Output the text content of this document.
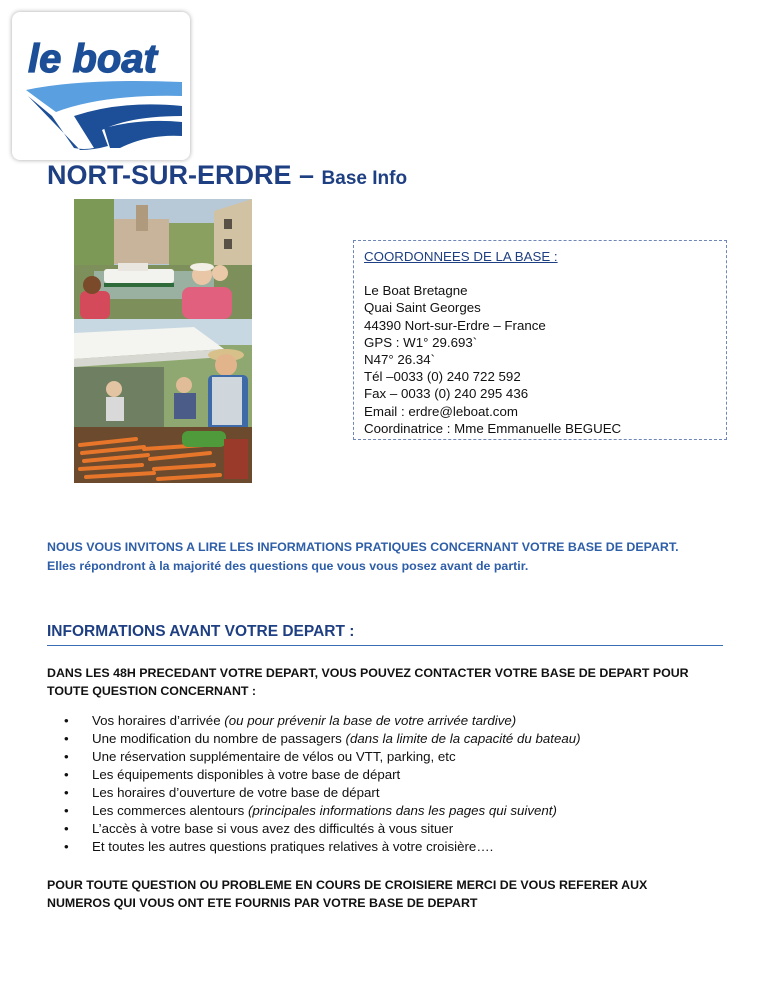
le boat
NORT-SUR-ERDRE – Base Info
COORDONNEES DE LA BASE :
Le Boat Bretagne
Quai Saint Georges
44390 Nort-sur-Erdre – France
GPS : W1° 29.693`
N47° 26.34`
Tél –0033 (0) 240 722 592
Fax – 0033 (0) 240 295 436
Email : erdre@leboat.com
Coordinatrice : Mme Emmanuelle BEGUEC
NOUS VOUS INVITONS A LIRE LES INFORMATIONS PRATIQUES CONCERNANT VOTRE BASE DE DEPART.
Elles répondront à la majorité des questions que vous vous posez avant de partir.
INFORMATIONS AVANT VOTRE DEPART :
DANS LES 48H PRECEDANT VOTRE DEPART, VOUS POUVEZ CONTACTER VOTRE BASE DE DEPART POUR
TOUTE QUESTION CONCERNANT :
• Vos horaires d’arrivée (ou pour prévenir la base de votre arrivée tardive)
• Une modification du nombre de passagers (dans la limite de la capacité du bateau)
• Une réservation supplémentaire de vélos ou VTT, parking, etc
• Les équipements disponibles à votre base de départ
• Les horaires d’ouverture de votre base de départ
• Les commerces alentours (principales informations dans les pages qui suivent)
• L’accès à votre base si vous avez des difficultés à vous situer
• Et toutes les autres questions pratiques relatives à votre croisière….
POUR TOUTE QUESTION OU PROBLEME EN COURS DE CROISIERE MERCI DE VOUS REFERER AUX
NUMEROS QUI VOUS ONT ETE FOURNIS PAR VOTRE BASE DE DEPART
